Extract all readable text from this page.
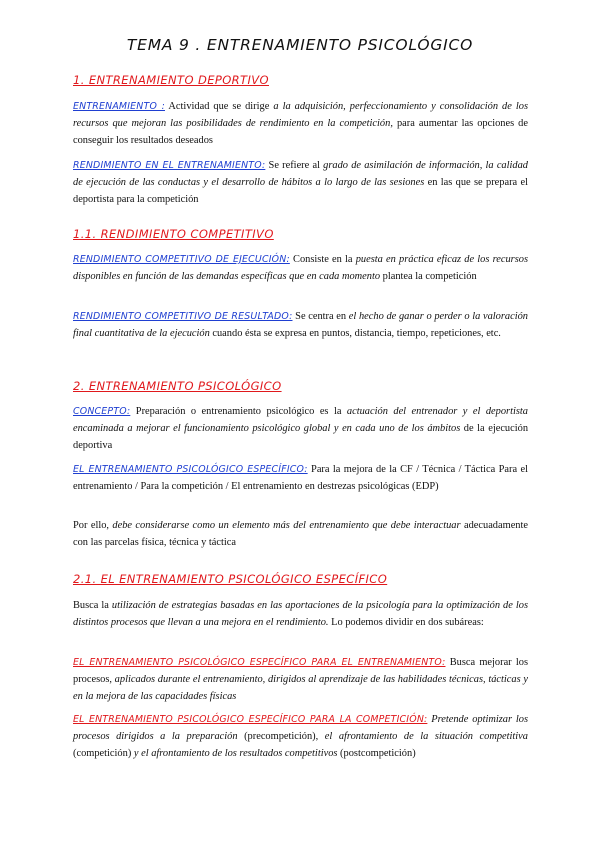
TEMA 9 . ENTRENAMIENTO PSICOLÓGICO
1. ENTRENAMIENTO DEPORTIVO

ENTRENAMIENTO : Actividad que se dirige a la adquisición, perfeccionamiento y consolidación de los recursos que mejoran las posibilidades de rendimiento en la competición, para aumentar las opciones de conseguir los resultados deseados

RENDIMIENTO EN EL ENTRENAMIENTO: Se refiere al grado de asimilación de información, la calidad de ejecución de las conductas y el desarrollo de hábitos a lo largo de las sesiones en las que se prepara el deportista para la competición

1.1. RENDIMIENTO COMPETITIVO

RENDIMIENTO COMPETITIVO DE EJECUCIÓN: Consiste en la puesta en práctica eficaz de los recursos disponibles en función de las demandas específicas que en cada momento plantea la competición

RENDIMIENTO COMPETITIVO DE RESULTADO: Se centra en el hecho de ganar o perder o la valoración final cuantitativa de la ejecución cuando ésta se expresa en puntos, distancia, tiempo, repeticiones, etc.

2. ENTRENAMIENTO PSICOLÓGICO

CONCEPTO: Preparación o entrenamiento psicológico es la actuación del entrenador y el deportista encaminada a mejorar el funcionamiento psicológico global y en cada uno de los ámbitos de la ejecución deportiva

EL ENTRENAMIENTO PSICOLÓGICO ESPECÍFICO: Para la mejora de la CF / Técnica / Táctica Para el entrenamiento / Para la competición / El entrenamiento en destrezas psicológicas (EDP)

Por ello, debe considerarse como un elemento más del entrenamiento que debe interactuar adecuadamente con las parcelas física, técnica y táctica

2.1. EL ENTRENAMIENTO PSICOLÓGICO ESPECÍFICO

Busca la utilización de estrategias basadas en las aportaciones de la psicología para la optimización de los distintos procesos que llevan a una mejora en el rendimiento. Lo podemos dividir en dos subáreas:

EL ENTRENAMIENTO PSICOLÓGICO ESPECÍFICO PARA EL ENTRENAMIENTO: Busca mejorar los procesos, aplicados durante el entrenamiento, dirigidos al aprendizaje de las habilidades técnicas, tácticas y en la mejora de las capacidades físicas

EL ENTRENAMIENTO PSICOLÓGICO ESPECÍFICO PARA LA COMPETICIÓN: Pretende optimizar los procesos dirigidos a la preparación (precompetición), el afrontamiento de la situación competitiva (competición) y el afrontamiento de los resultados competitivos (postcompetición)
